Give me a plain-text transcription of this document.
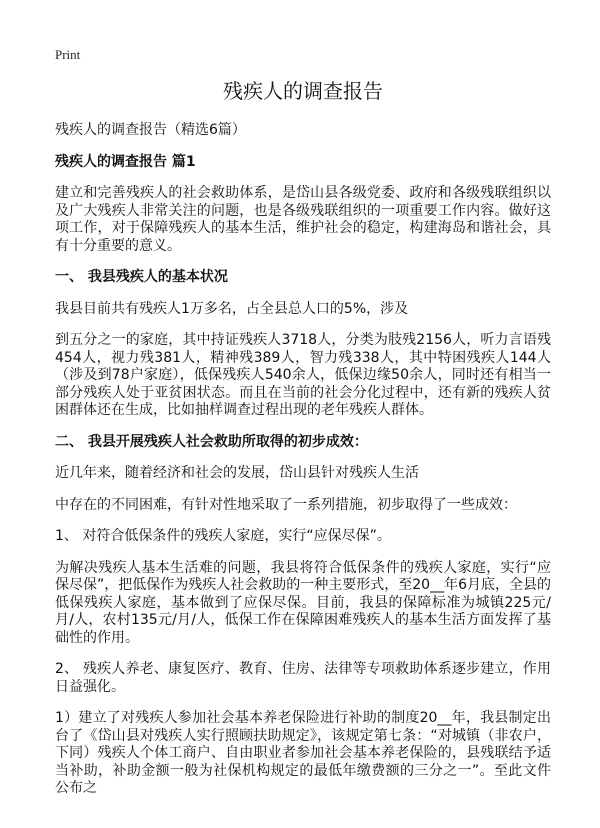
Print
残疾人的调查报告

残疾人的调查报告（精选6篇）

残疾人的调查报告 篇1

建立和完善残疾人的社会救助体系，是岱山县各级党委、政府和各级残联组织以及广大残疾人非常关注的问题，也是各级残联组织的一项重要工作内容。做好这项工作，对于保障残疾人的基本生活，维护社会的稳定，构建海岛和谐社会，具有十分重要的意义。

一、 我县残疾人的基本状况

我县目前共有残疾人1万多名，占全县总人口的5%，涉及

到五分之一的家庭，其中持证残疾人3718人，分类为肢残2156人，听力言语残454人，视力残381人，精神残389人，智力残338人，其中特困残疾人144人（涉及到78户家庭），低保残疾人540余人，低保边缘50余人，同时还有相当一部分残疾人处于亚贫困状态。而且在当前的社会分化过程中，还有新的残疾人贫困群体还在生成，比如抽样调查过程出现的老年残疾人群体。

二、 我县开展残疾人社会救助所取得的初步成效：

近几年来，随着经济和社会的发展，岱山县针对残疾人生活

中存在的不同困难，有针对性地采取了一系列措施，初步取得了一些成效：

1、 对符合低保条件的残疾人家庭，实行“应保尽保”。

为解决残疾人基本生活难的问题，我县将符合低保条件的残疾人家庭，实行“应保尽保”，把低保作为残疾人社会救助的一种主要形式，至20__年6月底，全县的低保残疾人家庭，基本做到了应保尽保。目前，我县的保障标准为城镇225元/月/人，农村135元/月/人，低保工作在保障困难残疾人的基本生活方面发挥了基础性的作用。

2、 残疾人养老、康复医疗、教育、住房、法律等专项救助体系逐步建立，作用日益强化。

1）建立了对残疾人参加社会基本养老保险进行补助的制度20__年，我县制定出台了《岱山县对残疾人实行照顾扶助规定》，该规定第七条：“对城镇（非农户，下同）残疾人个体工商户、自由职业者参加社会基本养老保险的，县残联结予适当补助，补助金额一般为社保机构规定的最低年缴费额的三分之一”。至此文件公布之
